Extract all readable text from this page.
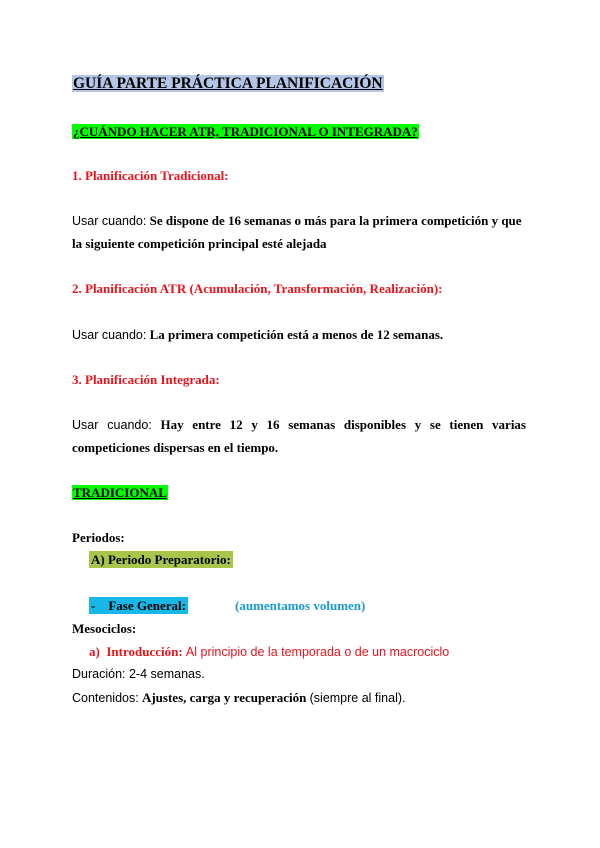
GUÍA PARTE PRÁCTICA PLANIFICACIÓN
¿CUÁNDO HACER ATR, TRADICIONAL O INTEGRADA?
1. Planificación Tradicional:
Usar cuando: Se dispone de 16 semanas o más para la primera competición y que
la siguiente competición principal esté alejada
2. Planificación ATR (Acumulación, Transformación, Realización):
Usar cuando: La primera competición está a menos de 12 semanas.
3. Planificación Integrada:
Usar cuando: Hay entre 12 y 16 semanas disponibles y se tienen varias
competiciones dispersas en el tiempo.
TRADICIONAL
Periodos:
A) Periodo Preparatorio:
- Fase General:	(aumentamos volumen)
Mesociclos:
a) Introducción: Al principio de la temporada o de un macrociclo
Duración: 2-4 semanas.
Contenidos: Ajustes, carga y recuperación (siempre al final).
